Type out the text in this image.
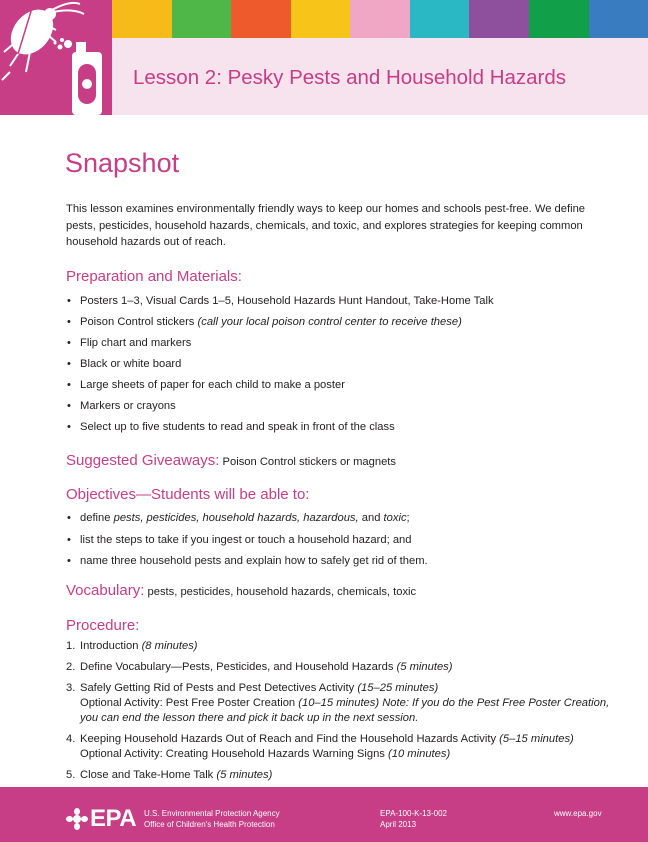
Lesson 2: Pesky Pests and Household Hazards
Snapshot

This lesson examines environmentally friendly ways to keep our homes and schools pest-free. We define pests, pesticides, household hazards, chemicals, and toxic, and explores strategies for keeping common household hazards out of reach.

Preparation and Materials:
• Posters 1–3, Visual Cards 1–5, Household Hazards Hunt Handout, Take-Home Talk
• Poison Control stickers (call your local poison control center to receive these)
• Flip chart and markers
• Black or white board
• Large sheets of paper for each child to make a poster
• Markers or crayons
• Select up to five students to read and speak in front of the class
Suggested Giveaways: Poison Control stickers or magnets
Objectives—Students will be able to:
• define pests, pesticides, household hazards, hazardous, and toxic;
• list the steps to take if you ingest or touch a household hazard; and
• name three household pests and explain how to safely get rid of them.
Vocabulary: pests, pesticides, household hazards, chemicals, toxic
Procedure:
1. Introduction (8 minutes)
2. Define Vocabulary—Pests, Pesticides, and Household Hazards (5 minutes)
3. Safely Getting Rid of Pests and Pest Detectives Activity (15–25 minutes)
Optional Activity: Pest Free Poster Creation (10–15 minutes) Note: If you do the Pest Free Poster Creation, you can end the lesson there and pick it back up in the next session.
4. Keeping Household Hazards Out of Reach and Find the Household Hazards Activity (5–15 minutes)
Optional Activity: Creating Household Hazards Warning Signs (10 minutes)
5. Close and Take-Home Talk (5 minutes)
EPA U.S. Environmental Protection Agency
Office of Children's Health Protection
EPA-100-K-13-002
April 2013
www.epa.gov
